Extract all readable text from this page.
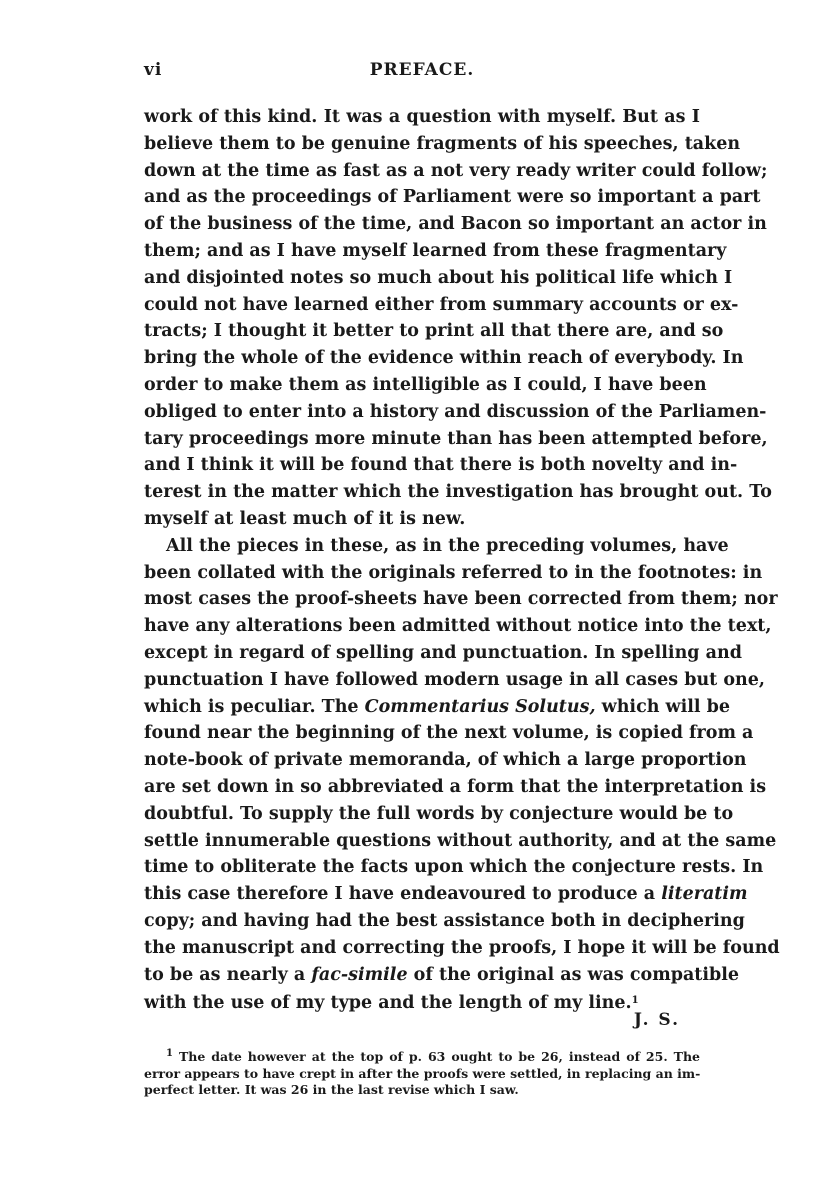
vi	PREFACE.
work of this kind. It was a question with myself. But as I
believe them to be genuine fragments of his speeches, taken
down at the time as fast as a not very ready writer could follow;
and as the proceedings of Parliament were so important a part
of the business of the time, and Bacon so important an actor in
them; and as I have myself learned from these fragmentary
and disjointed notes so much about his political life which I
could not have learned either from summary accounts or ex-
tracts; I thought it better to print all that there are, and so
bring the whole of the evidence within reach of everybody. In
order to make them as intelligible as I could, I have been
obliged to enter into a history and discussion of the Parliamen-
tary proceedings more minute than has been attempted before,
and I think it will be found that there is both novelty and in-
terest in the matter which the investigation has brought out. To
myself at least much of it is new.
All the pieces in these, as in the preceding volumes, have
been collated with the originals referred to in the footnotes: in
most cases the proof-sheets have been corrected from them; nor
have any alterations been admitted without notice into the text,
except in regard of spelling and punctuation. In spelling and
punctuation I have followed modern usage in all cases but one,
which is peculiar. The Commentarius Solutus, which will be
found near the beginning of the next volume, is copied from a
note-book of private memoranda, of which a large proportion
are set down in so abbreviated a form that the interpretation is
doubtful. To supply the full words by conjecture would be to
settle innumerable questions without authority, and at the same
time to obliterate the facts upon which the conjecture rests. In
this case therefore I have endeavoured to produce a literatim
copy; and having had the best assistance both in deciphering
the manuscript and correcting the proofs, I hope it will be found
to be as nearly a fac-simile of the original as was compatible
with the use of my type and the length of my line.$^1$
J. S.
$^1$ The date however at the top of p. 63 ought to be 26, instead of 25. The
error appears to have crept in after the proofs were settled, in replacing an im-
perfect letter. It was 26 in the last revise which I saw.
